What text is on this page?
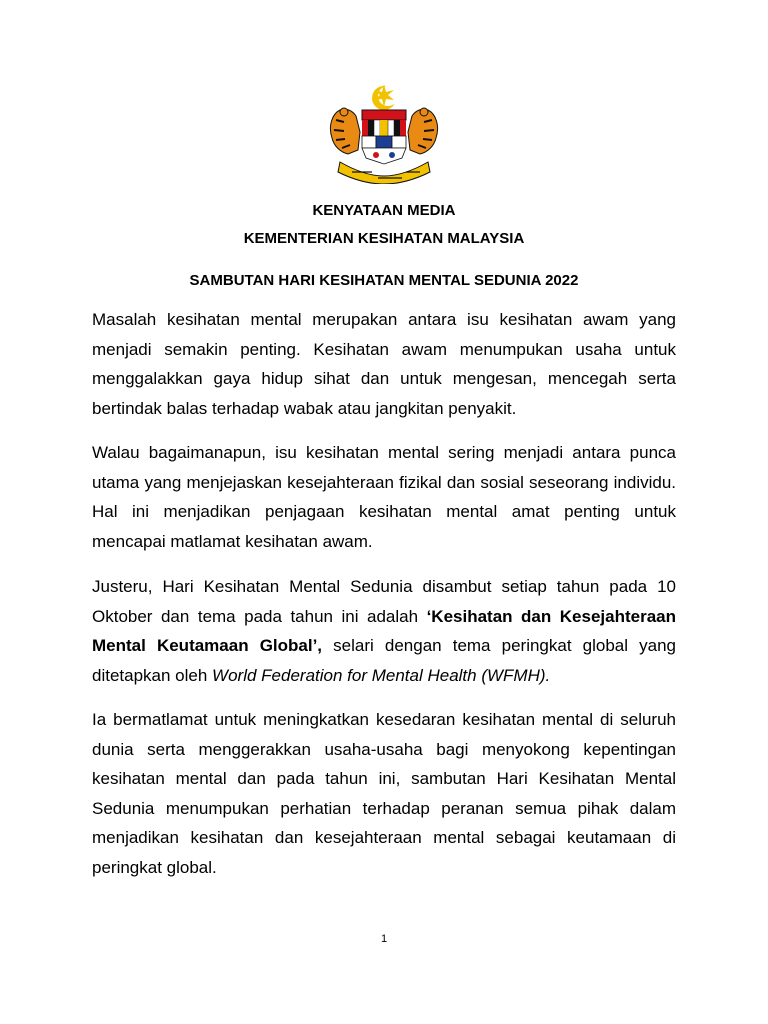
KENYATAAN MEDIA
KEMENTERIAN KESIHATAN MALAYSIA
SAMBUTAN HARI KESIHATAN MENTAL SEDUNIA 2022

Masalah kesihatan mental merupakan antara isu kesihatan awam yang menjadi semakin penting. Kesihatan awam menumpukan usaha untuk menggalakkan gaya hidup sihat dan untuk mengesan, mencegah serta bertindak balas terhadap wabak atau jangkitan penyakit.

Walau bagaimanapun, isu kesihatan mental sering menjadi antara punca utama yang menjejaskan kesejahteraan fizikal dan sosial seseorang individu. Hal ini menjadikan penjagaan kesihatan mental amat penting untuk mencapai matlamat kesihatan awam.

Justeru, Hari Kesihatan Mental Sedunia disambut setiap tahun pada 10 Oktober dan tema pada tahun ini adalah ‘Kesihatan dan Kesejahteraan Mental Keutamaan Global’, selari dengan tema peringkat global yang ditetapkan oleh World Federation for Mental Health (WFMH).

Ia bermatlamat untuk meningkatkan kesedaran kesihatan mental di seluruh dunia serta menggerakkan usaha-usaha bagi menyokong kepentingan kesihatan mental dan pada tahun ini, sambutan Hari Kesihatan Mental Sedunia menumpukan perhatian terhadap peranan semua pihak dalam menjadikan kesihatan dan kesejahteraan mental sebagai keutamaan di peringkat global.

1
